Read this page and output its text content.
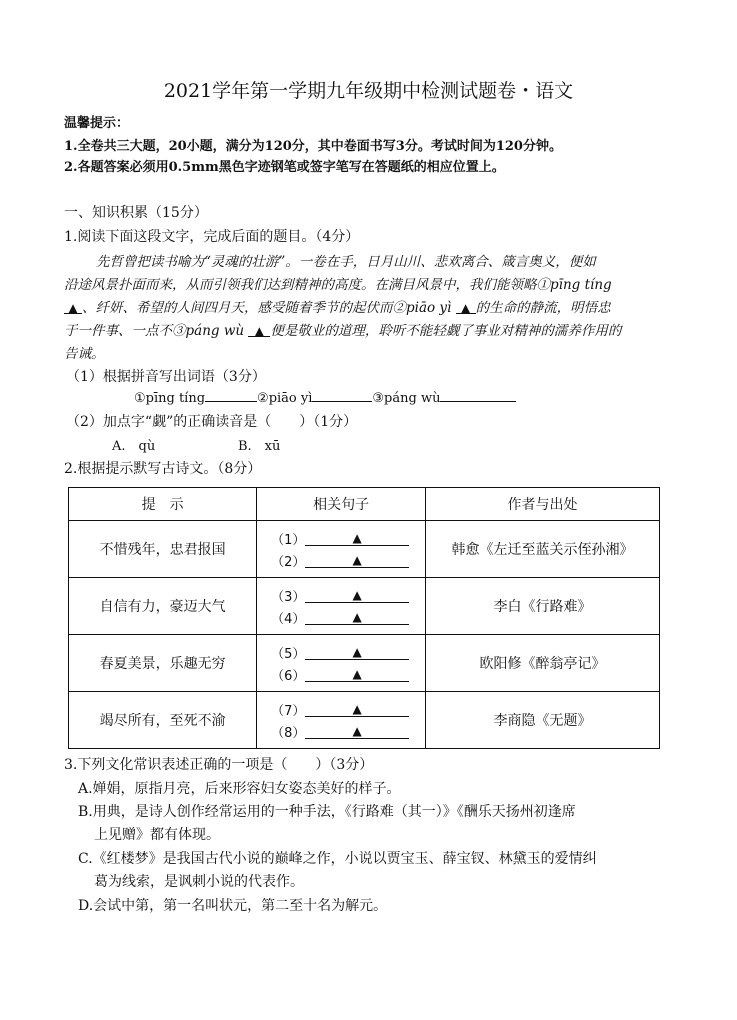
2021学年第一学期九年级期中检测试题卷・语文
温馨提示：
1.全卷共三大题，20小题，满分为120分，其中卷面书写3分。考试时间为120分钟。
2.各题答案必须用0.5mm黑色字迹钢笔或签字笔写在答题纸的相应位置上。
一、知识积累（15分）
1.阅读下面这段文字，完成后面的题目。（4分）
先哲曾把读书喻为“灵魂的壮游”。一卷在手，日月山川、悲欢离合、箴言奥义，便如
沿途风景扑面而来，从而引领我们达到精神的高度。在满目风景中，我们能领略①pīng tíng
▲ 、纤妍、希望的人间四月天，感受随着季节的起伏而②piāo yì ▲ 的生命的静流，明悟忠
于一件事、一点不③páng wù ▲ 便是敬业的道理，聆听不能轻觑了事业对精神的濡养作用的
告诫。
（1）根据拼音写出词语（3分）
①pīng tíng	②piāo yì	③páng wù
（2）加点字“觑”的正确读音是（　　）（1分）
A.　qù	B.　xū
2.根据提示默写古诗文。（8分）
提　示	相关句子	作者与出处
不惜残年，忠君报国	（1） ▲
（2） ▲	韩愈《左迁至蓝关示侄孙湘》
自信有力，豪迈大气	（3） ▲
（4） ▲	李白《行路难》
春夏美景，乐趣无穷	（5） ▲
（6） ▲	欧阳修《醉翁亭记》
竭尽所有，至死不渝	（7） ▲
（8） ▲	李商隐《无题》
3.下列文化常识表述正确的一项是（　　）（3分）
A.婵娟，原指月亮，后来形容妇女姿态美好的样子。
B.用典，是诗人创作经常运用的一种手法，《行路难（其一）》《酬乐天扬州初逢席
上见赠》都有体现。
C.《红楼梦》是我国古代小说的巅峰之作，小说以贾宝玉、薛宝钗、林黛玉的爱情纠
葛为线索，是讽刺小说的代表作。
D.会试中第，第一名叫状元，第二至十名为解元。
